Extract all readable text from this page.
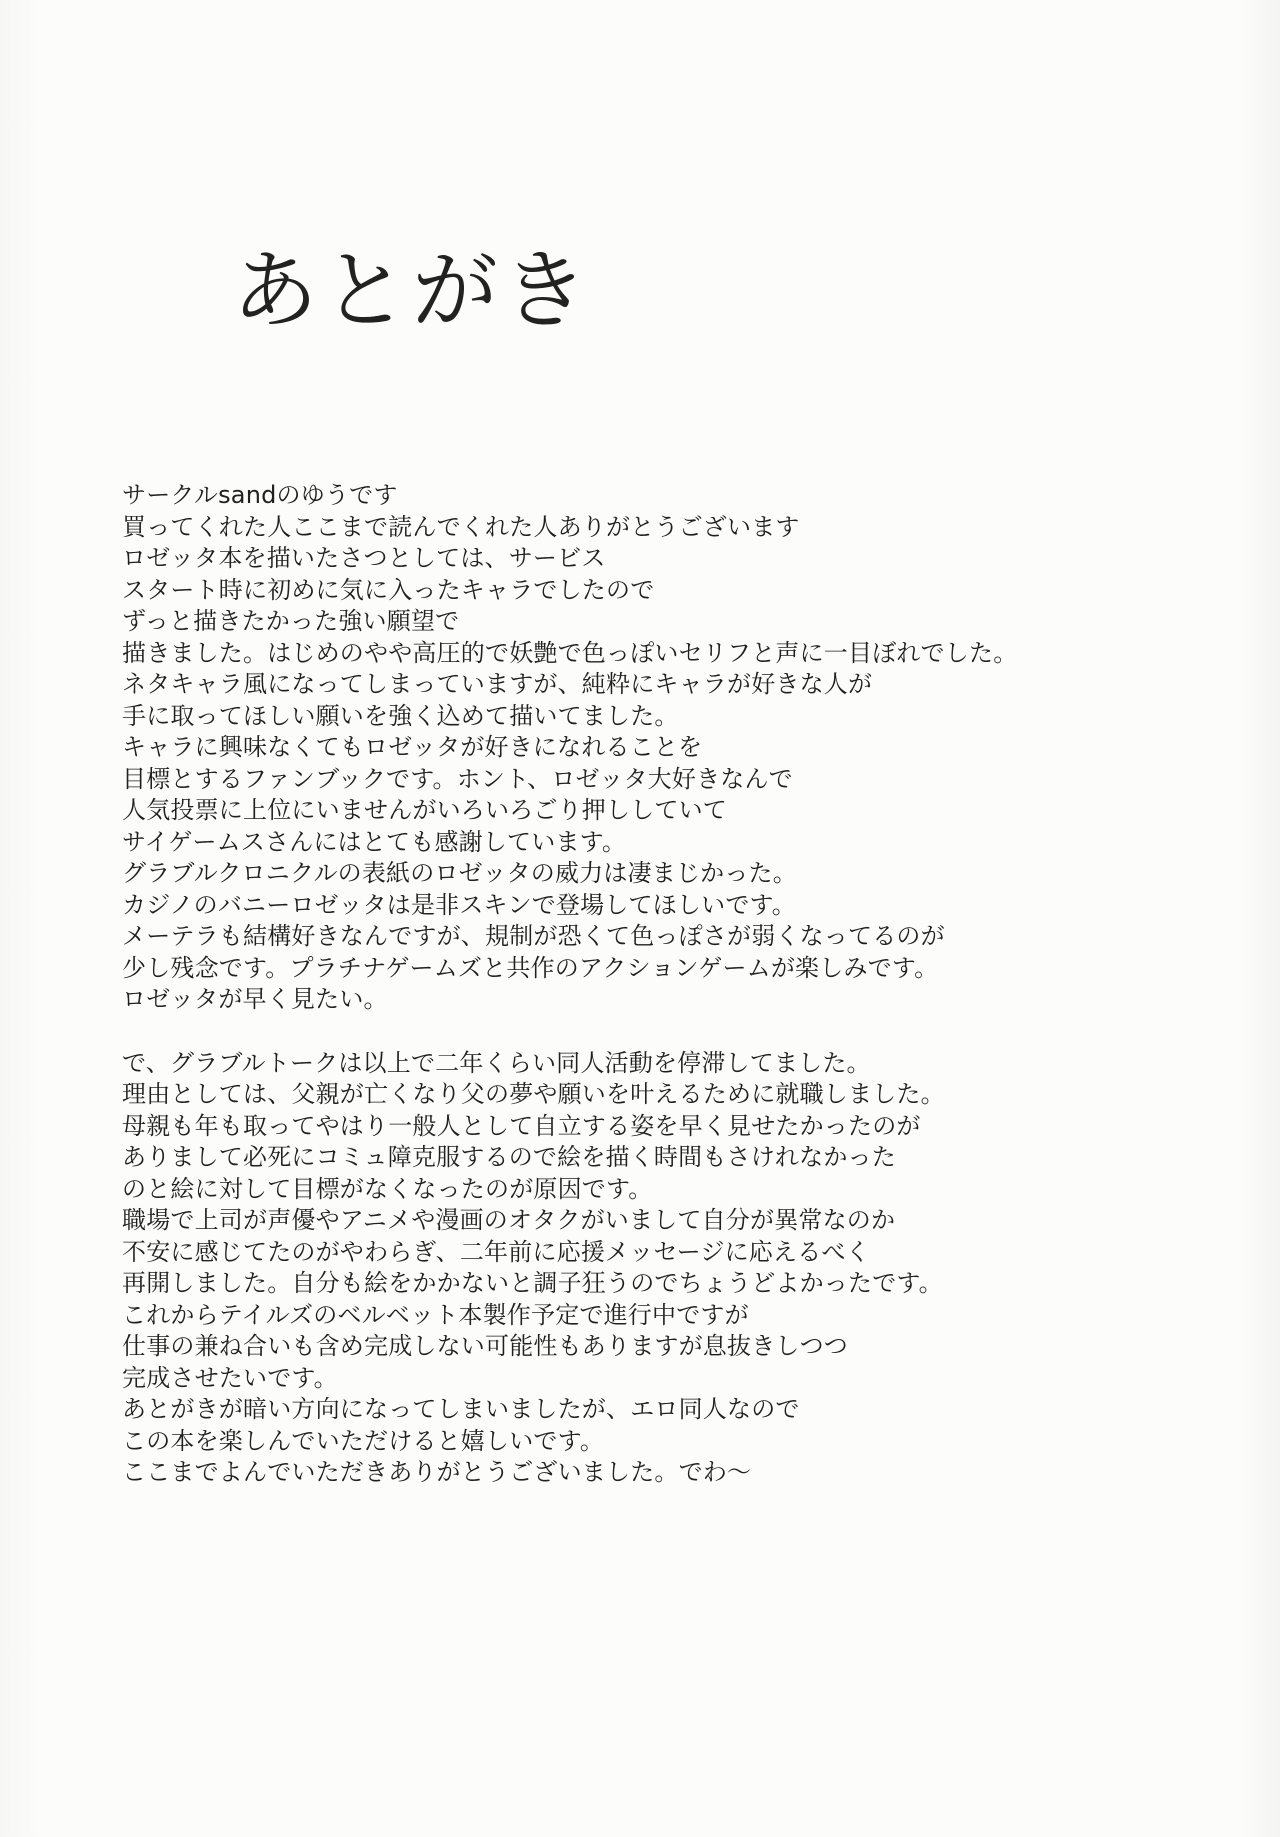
あとがき
サークルsandのゆうです
買ってくれた人ここまで読んでくれた人ありがとうございます
ロゼッタ本を描いたさつとしては、サービス
スタート時に初めに気に入ったキャラでしたので
ずっと描きたかった強い願望で
描きました。はじめのやや高圧的で妖艶で色っぽいセリフと声に一目ぼれでした。
ネタキャラ風になってしまっていますが、純粋にキャラが好きな人が
手に取ってほしい願いを強く込めて描いてました。
キャラに興味なくてもロゼッタが好きになれることを
目標とするファンブックです。ホント、ロゼッタ大好きなんで
人気投票に上位にいませんがいろいろごり押ししていて
サイゲームスさんにはとても感謝しています。
グラブルクロニクルの表紙のロゼッタの威力は凄まじかった。
カジノのバニーロゼッタは是非スキンで登場してほしいです。
メーテラも結構好きなんですが、規制が恐くて色っぽさが弱くなってるのが
少し残念です。プラチナゲームズと共作のアクションゲームが楽しみです。
ロゼッタが早く見たい。
で、グラブルトークは以上で二年くらい同人活動を停滞してました。
理由としては、父親が亡くなり父の夢や願いを叶えるために就職しました。
母親も年も取ってやはり一般人として自立する姿を早く見せたかったのが
ありまして必死にコミュ障克服するので絵を描く時間もさけれなかった
のと絵に対して目標がなくなったのが原因です。
職場で上司が声優やアニメや漫画のオタクがいまして自分が異常なのか
不安に感じてたのがやわらぎ、二年前に応援メッセージに応えるべく
再開しました。自分も絵をかかないと調子狂うのでちょうどよかったです。
これからテイルズのベルベット本製作予定で進行中ですが
仕事の兼ね合いも含め完成しない可能性もありますが息抜きしつつ
完成させたいです。
あとがきが暗い方向になってしまいましたが、エロ同人なので
この本を楽しんでいただけると嬉しいです。
ここまでよんでいただきありがとうございました。でわ～
